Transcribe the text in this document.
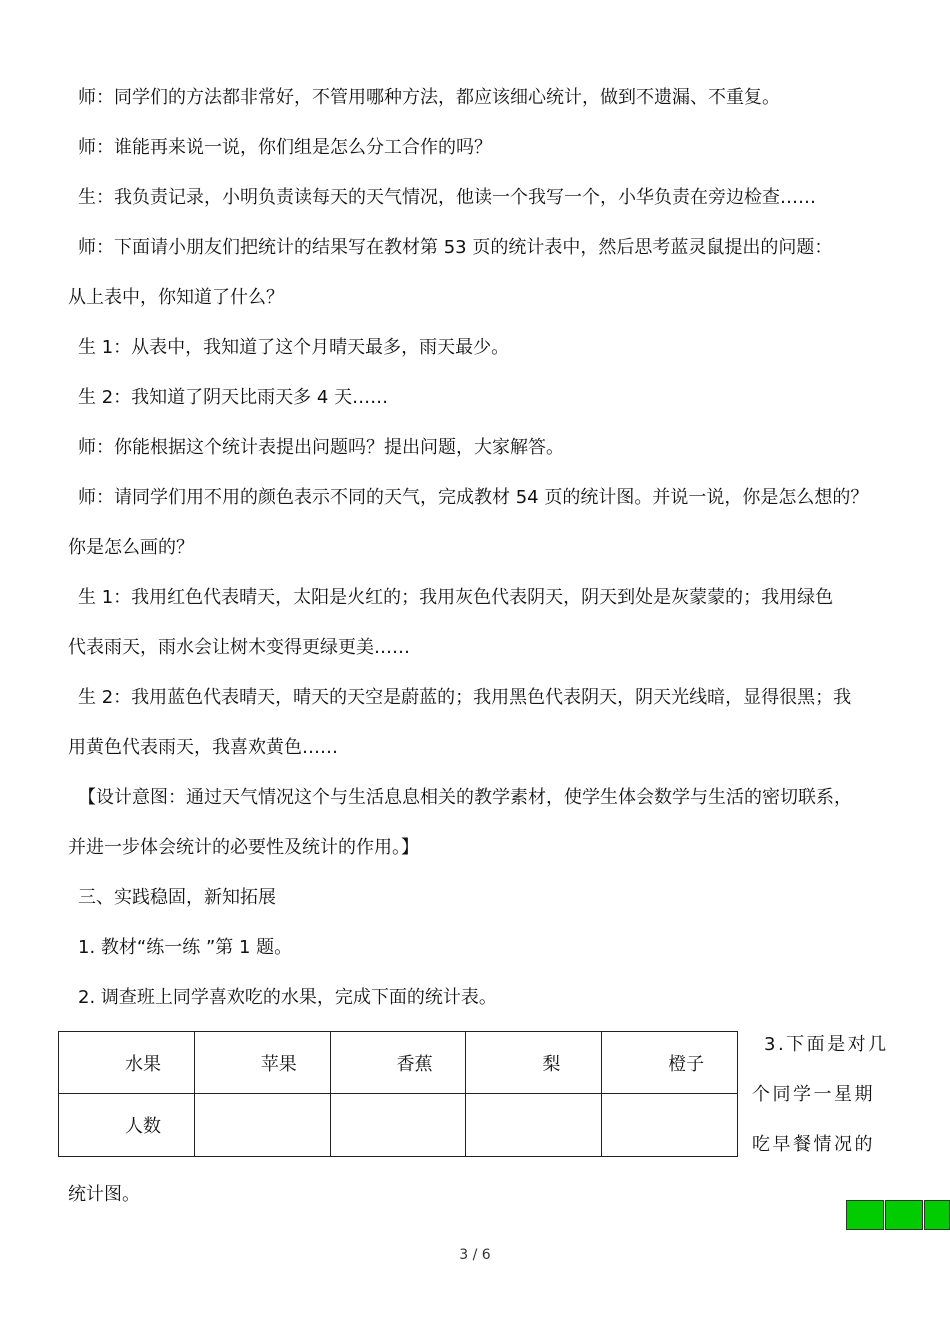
师：同学们的方法都非常好，不管用哪种方法，都应该细心统计，做到不遗漏、不重复。
师：谁能再来说一说，你们组是怎么分工合作的吗？
生：我负责记录，小明负责读每天的天气情况，他读一个我写一个，小华负责在旁边检查……
师：下面请小朋友们把统计的结果写在教材第 53 页的统计表中，然后思考蓝灵鼠提出的问题：
从上表中，你知道了什么？
生 1：从表中，我知道了这个月晴天最多，雨天最少。
生 2：我知道了阴天比雨天多 4 天……
师：你能根据这个统计表提出问题吗？提出问题，大家解答。
师：请同学们用不用的颜色表示不同的天气，完成教材 54 页的统计图。并说一说，你是怎么想的？
你是怎么画的？
生 1：我用红色代表晴天，太阳是火红的；我用灰色代表阴天，阴天到处是灰蒙蒙的；我用绿色
代表雨天，雨水会让树木变得更绿更美……
生 2：我用蓝色代表晴天，晴天的天空是蔚蓝的；我用黑色代表阴天，阴天光线暗，显得很黑；我
用黄色代表雨天，我喜欢黄色……
【设计意图：通过天气情况这个与生活息息相关的教学素材，使学生体会数学与生活的密切联系，
并进一步体会统计的必要性及统计的作用。】
三、实践稳固，新知拓展
1. 教材“练一练 ”第 1 题。
2. 调查班上同学喜欢吃的水果，完成下面的统计表。
水果	苹果	香蕉	梨	橙子

人数				

3.下面是对几
个同学一星期
吃早餐情况的
统计图。
3 / 6
